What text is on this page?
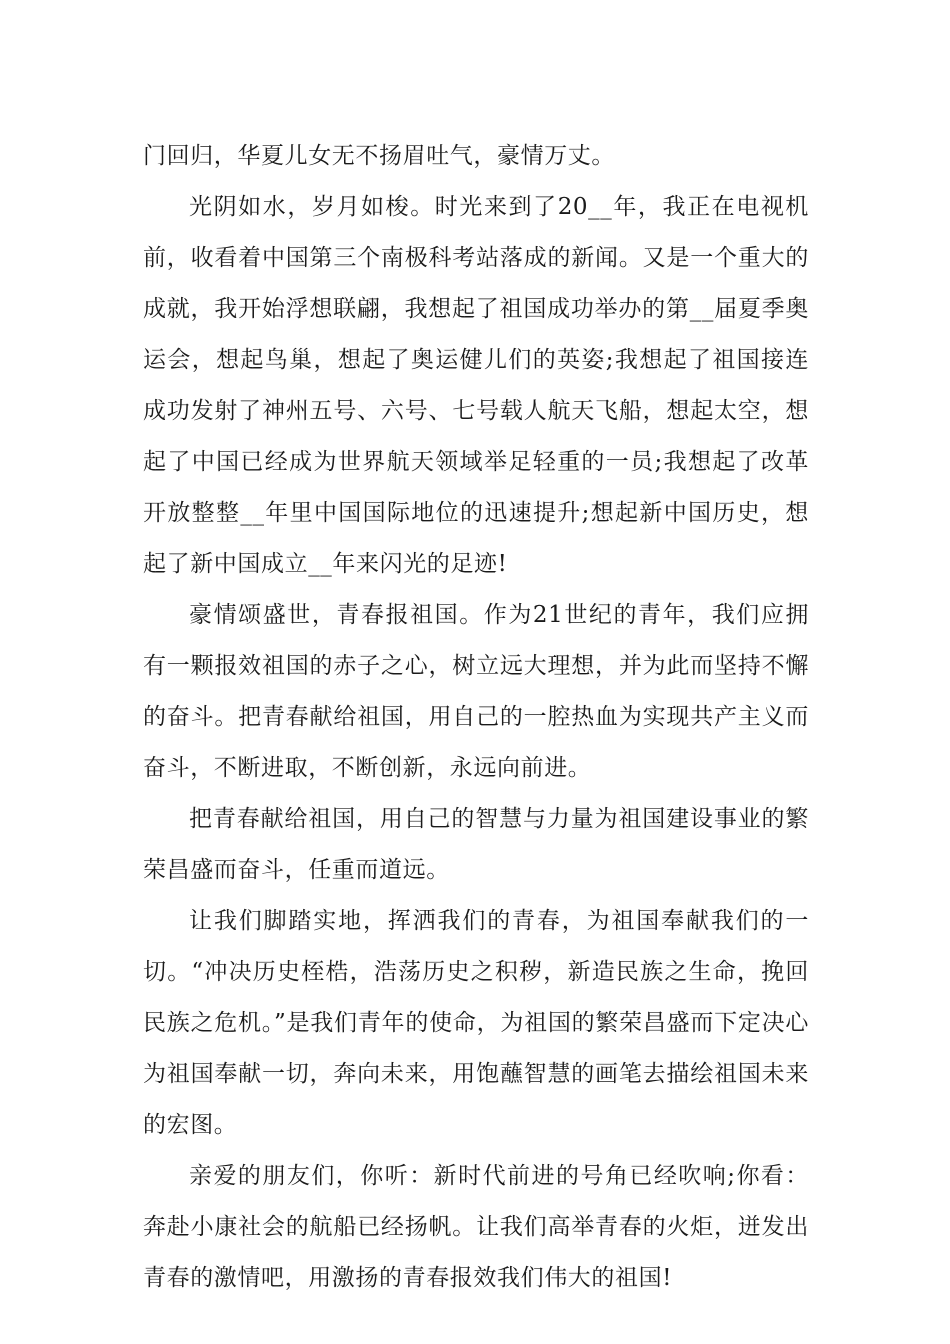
门回归，华夏儿女无不扬眉吐气，豪情万丈。

光阴如水，岁月如梭。时光来到了20__年，我正在电视机前，收看着中国第三个南极科考站落成的新闻。又是一个重大的成就，我开始浮想联翩，我想起了祖国成功举办的第__届夏季奥运会，想起鸟巢，想起了奥运健儿们的英姿;我想起了祖国接连成功发射了神州五号、六号、七号载人航天飞船，想起太空，想起了中国已经成为世界航天领域举足轻重的一员;我想起了改革开放整整__年里中国国际地位的迅速提升;想起新中国历史，想起了新中国成立__年来闪光的足迹!

豪情颂盛世，青春报祖国。作为21世纪的青年，我们应拥有一颗报效祖国的赤子之心，树立远大理想，并为此而坚持不懈的奋斗。把青春献给祖国，用自己的一腔热血为实现共产主义而奋斗，不断进取，不断创新，永远向前进。

把青春献给祖国，用自己的智慧与力量为祖国建设事业的繁荣昌盛而奋斗，任重而道远。

让我们脚踏实地，挥洒我们的青春，为祖国奉献我们的一切。“冲决历史桎梏，浩荡历史之积秽，新造民族之生命，挽回民族之危机。”是我们青年的使命，为祖国的繁荣昌盛而下定决心为祖国奉献一切，奔向未来，用饱蘸智慧的画笔去描绘祖国未来的宏图。

亲爱的朋友们，你听：新时代前进的号角已经吹响;你看：奔赴小康社会的航船已经扬帆。让我们高举青春的火炬，迸发出青春的激情吧，用激扬的青春报效我们伟大的祖国!
